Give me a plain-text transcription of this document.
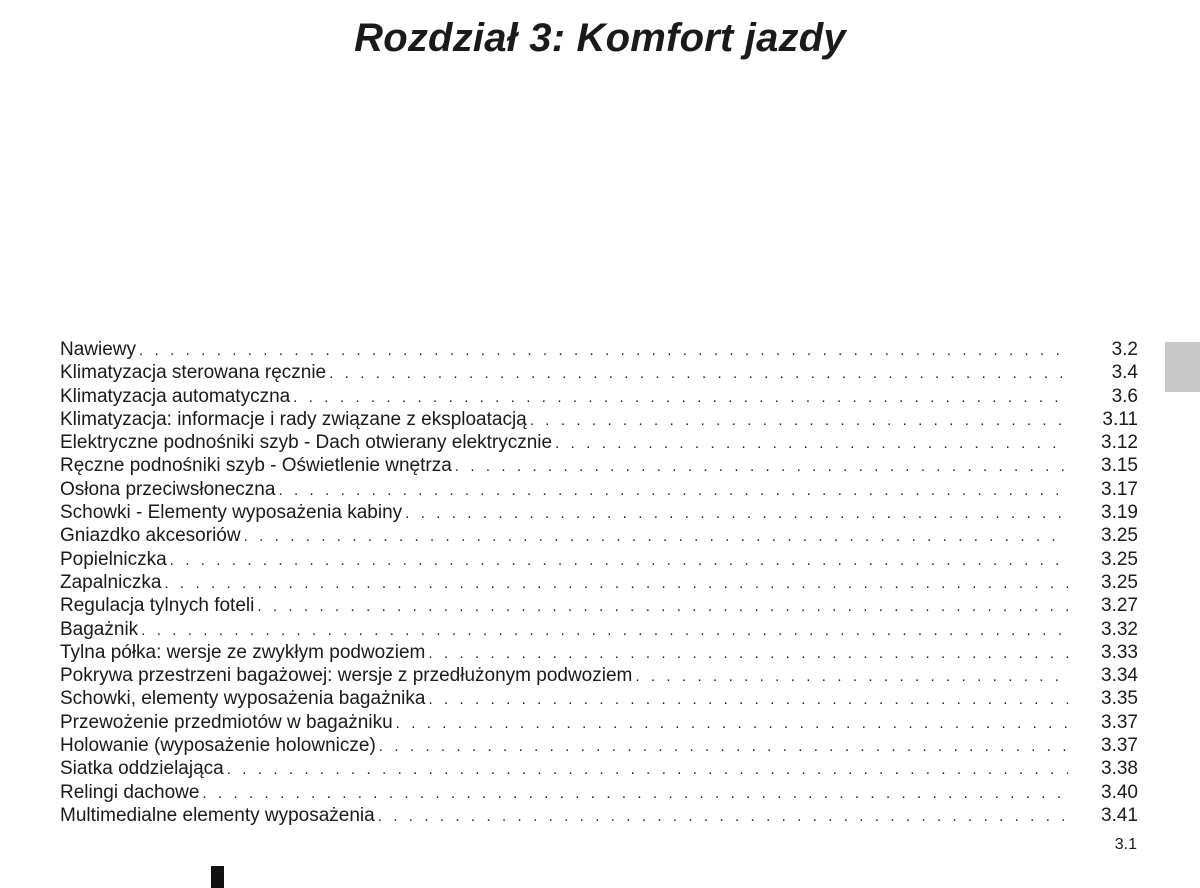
Rozdział 3: Komfort jazdy
Nawiewy . . .	3.2
Klimatyzacja sterowana ręcznie . . .	3.4
Klimatyzacja automatyczna . . .	3.6
Klimatyzacja: informacje i rady związane z eksploatacją . . .	3.11
Elektryczne podnośniki szyb - Dach otwierany elektrycznie . . .	3.12
Ręczne podnośniki szyb - Oświetlenie wnętrza . . .	3.15
Osłona przeciwsłoneczna . . .	3.17
Schowki - Elementy wyposażenia kabiny . . .	3.19
Gniazdko akcesoriów . . .	3.25
Popielniczka . . .	3.25
Zapalniczka . . .	3.25
Regulacja tylnych foteli . . .	3.27
Bagażnik . . .	3.32
Tylna półka: wersje ze zwykłym podwoziem . . .	3.33
Pokrywa przestrzeni bagażowej: wersje z przedłużonym podwoziem . . .	3.34
Schowki, elementy wyposażenia bagażnika . . .	3.35
Przewożenie przedmiotów w bagażniku . . .	3.37
Holowanie (wyposażenie holownicze) . . .	3.37
Siatka oddzielająca . . .	3.38
Relingi dachowe . . .	3.40
Multimedialne elementy wyposażenia . . .	3.41
3.1
